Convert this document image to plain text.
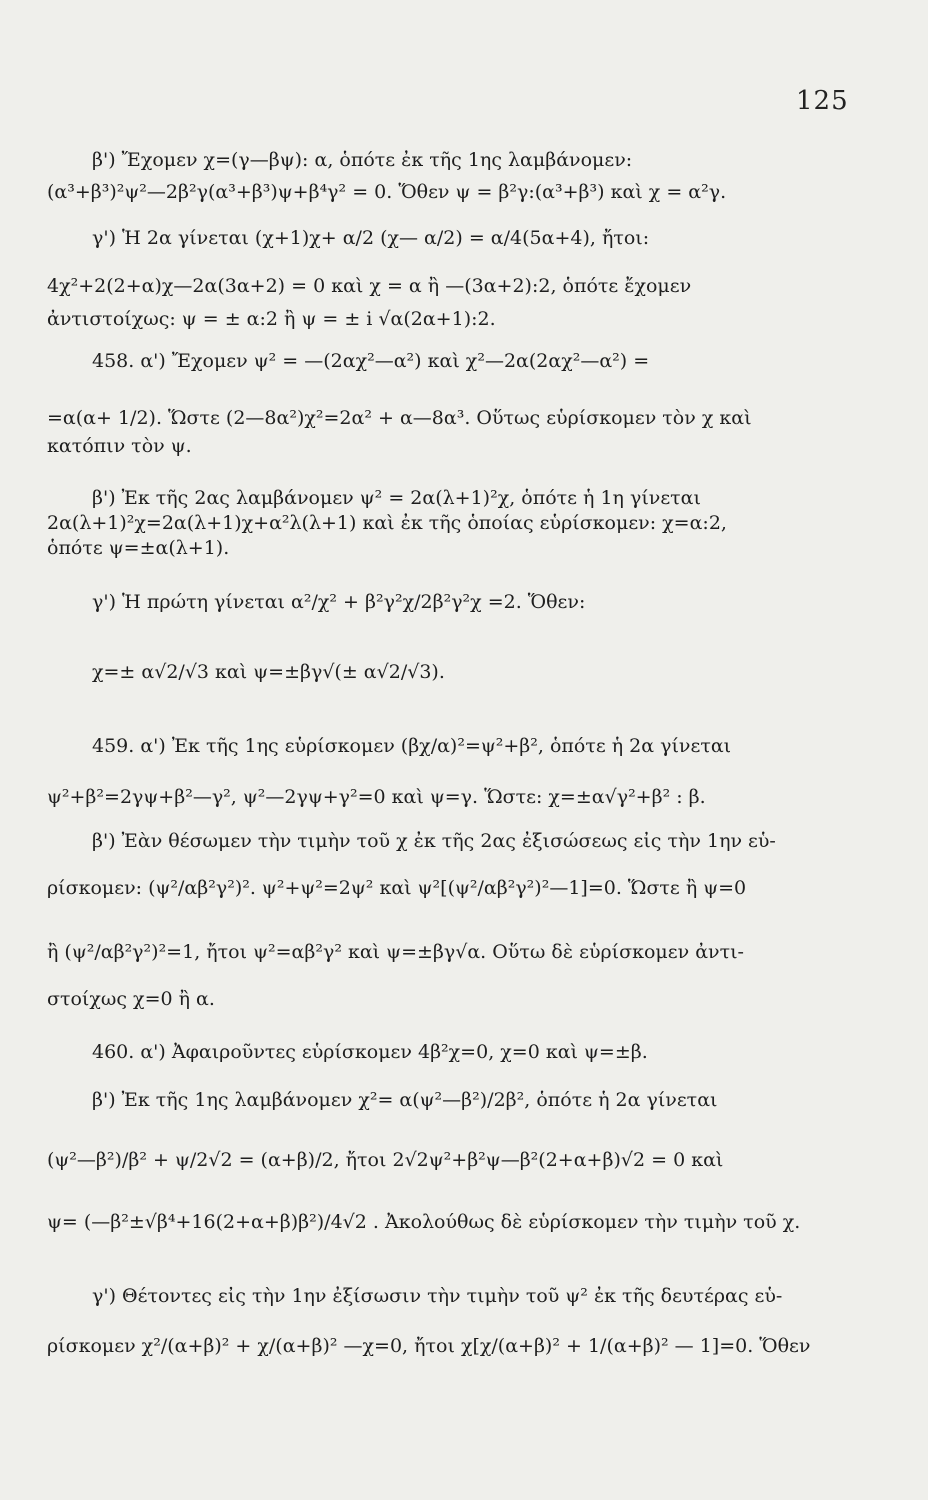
125
β') Ἔχομεν χ=(γ—βψ): α, ὁπότε ἐκ τῆς 1ης λαμβάνομεν:
(α³+β³)²ψ²—2β²γ(α³+β³)ψ+β⁴γ² = 0. Ὅθεν ψ = β²γ:(α³+β³) καὶ χ = α²γ.
γ') Ἡ 2α γίνεται (χ+1)χ+ α/2 (χ— α/2) = α/4(5α+4), ἤτοι:
4χ²+2(2+α)χ—2α(3α+2) = 0 καὶ χ = α ἢ —(3α+2):2, ὁπότε ἔχομεν
ἀντιστοίχως: ψ = ± α:2 ἢ ψ = ± i √α(2α+1):2.
458. α') Ἔχομεν ψ² = —(2αχ²—α²) καὶ χ²—2α(2αχ²—α²) =
=α(α+ 1/2). Ὥστε (2—8α²)χ²=2α² + α—8α³. Οὕτως εὑρίσκομεν τὸν χ καὶ
κατόπιν τὸν ψ.
β') Ἐκ τῆς 2ας λαμβάνομεν ψ² = 2α(λ+1)²χ, ὁπότε ἡ 1η γίνεται
2α(λ+1)²χ=2α(λ+1)χ+α²λ(λ+1) καὶ ἐκ τῆς ὁποίας εὑρίσκομεν: χ=α:2,
ὁπότε ψ=±α(λ+1).
γ') Ἡ πρώτη γίνεται α²/χ² + β²γ²χ/2β²γ²χ =2. Ὅθεν:
χ=± α√2/√3 καὶ ψ=±βγ√(± α√2/√3).
459. α') Ἐκ τῆς 1ης εὑρίσκομεν (βχ/α)²=ψ²+β², ὁπότε ἡ 2α γίνεται
ψ²+β²=2γψ+β²—γ², ψ²—2γψ+γ²=0 καὶ ψ=γ. Ὥστε: χ=±α√γ²+β² : β.
β') Ἐὰν θέσωμεν τὴν τιμὴν τοῦ χ ἐκ τῆς 2ας ἐξισώσεως εἰς τὴν 1ην εὑ-
ρίσκομεν: (ψ²/αβ²γ²)². ψ²+ψ²=2ψ² καὶ ψ²[(ψ²/αβ²γ²)²—1]=0. Ὥστε ἢ ψ=0
ἢ (ψ²/αβ²γ²)²=1, ἤτοι ψ²=αβ²γ² καὶ ψ=±βγ√α. Οὕτω δὲ εὑρίσκομεν ἀντι-
στοίχως χ=0 ἢ α.
460. α') Ἀφαιροῦντες εὑρίσκομεν 4β²χ=0, χ=0 καὶ ψ=±β.
β') Ἐκ τῆς 1ης λαμβάνομεν χ²= α(ψ²—β²)/2β², ὁπότε ἡ 2α γίνεται
(ψ²—β²)/β² + ψ/2√2 = (α+β)/2, ἤτοι 2√2ψ²+β²ψ—β²(2+α+β)√2 = 0 καὶ
ψ= (—β²±√β⁴+16(2+α+β)β²)/4√2 . Ἀκολούθως δὲ εὑρίσκομεν τὴν τιμὴν τοῦ χ.
γ') Θέτοντες εἰς τὴν 1ην ἐξίσωσιν τὴν τιμὴν τοῦ ψ² ἐκ τῆς δευτέρας εὑ-
ρίσκομεν χ²/(α+β)² + χ/(α+β)² —χ=0, ἤτοι χ[χ/(α+β)² + 1/(α+β)² — 1]=0. Ὅθεν
